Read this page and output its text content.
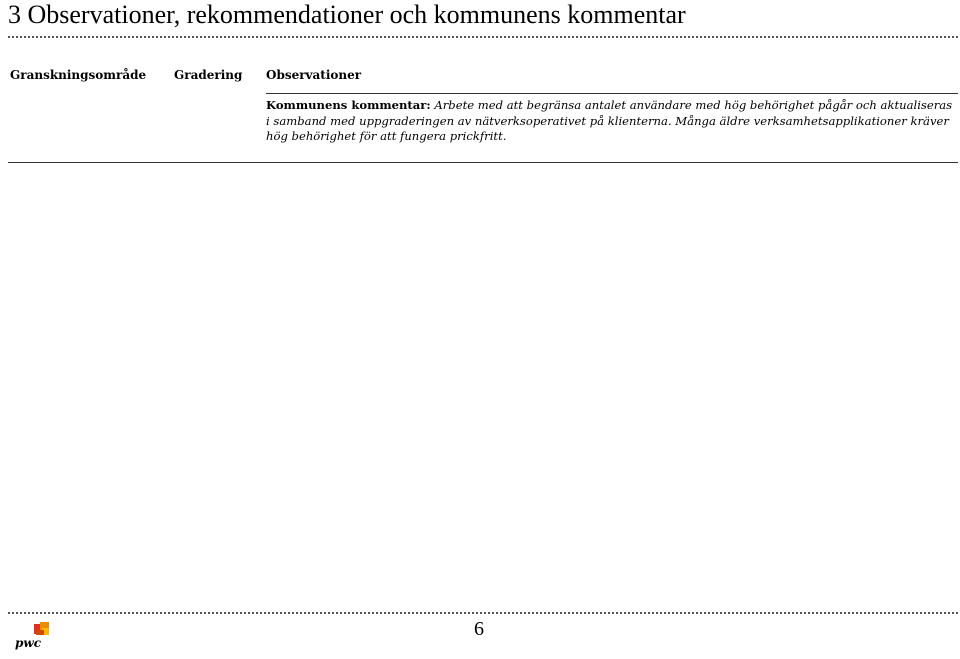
3 Observationer, rekommendationer och kommunens kommentar
Granskningsområde Gradering Observationer
Kommunens kommentar: Arbete med att begränsa antalet användare med hög behörighet pågår och aktualiseras i samband med uppgraderingen av nätverksoperativet på klienterna. Många äldre verksamhetsapplikationer kräver hög behörighet för att fungera prickfritt.
6
pwc
